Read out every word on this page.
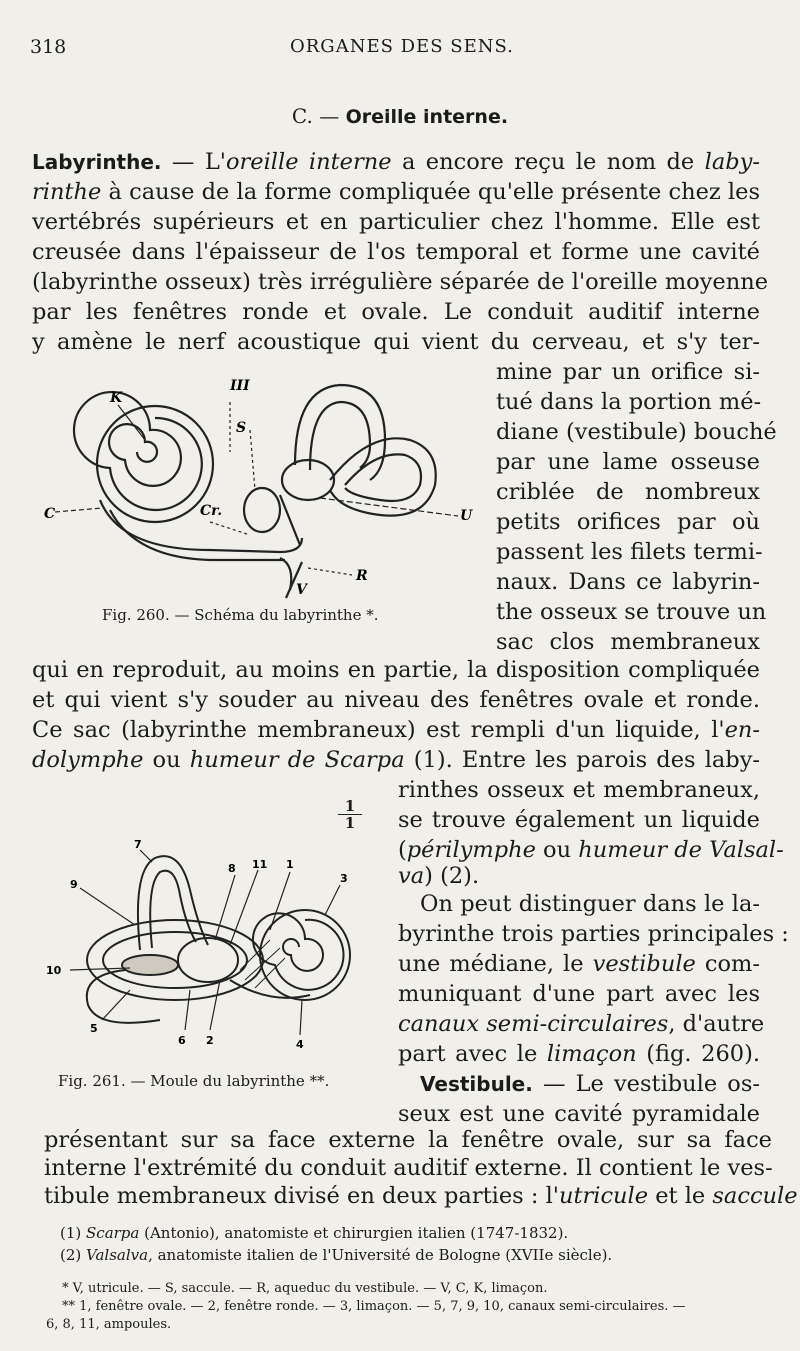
318	ORGANES DES SENS.
C. — Oreille interne.
Labyrinthe. — L'oreille interne a encore reçu le nom de laby-
rinthe à cause de la forme compliquée qu'elle présente chez les
vertébrés supérieurs et en particulier chez l'homme. Elle est
creusée dans l'épaisseur de l'os temporal et forme une cavité
(labyrinthe osseux) très irrégulière séparée de l'oreille moyenne
par les fenêtres ronde et ovale. Le conduit auditif interne
y amène le nerf acoustique qui vient du cerveau, et s'y ter-
mine par un orifice si-
tué dans la portion mé-
diane (vestibule) bouché
par une lame osseuse
criblée de nombreux
petits orifices par où
passent les filets termi-
naux. Dans ce labyrin-
the osseux se trouve un
sac clos membraneux
III
K
S
C	Cr.	U
R
V
Fig. 260. — Schéma du labyrinthe *.
qui en reproduit, au moins en partie, la disposition compliquée
et qui vient s'y souder au niveau des fenêtres ovale et ronde.
Ce sac (labyrinthe membraneux) est rempli d'un liquide, l'en-
dolymphe ou humeur de Scarpa (1). Entre les parois des laby-
rinthes osseux et membraneux,
se trouve également un liquide
(périlymphe ou humeur de Valsal-
va) (2).
On peut distinguer dans le la-
byrinthe trois parties principales :
une médiane, le vestibule com-
muniquant d'une part avec les
canaux semi-circulaires, d'autre
part avec le limaçon (fig. 260).
Vestibule. — Le vestibule os-
seux est une cavité pyramidale
$\frac{1}{1}$
7
9
8 11 1
3
10
5
6 2	4
Fig. 261. — Moule du labyrinthe **.
présentant sur sa face externe la fenêtre ovale, sur sa face
interne l'extrémité du conduit auditif externe. Il contient le ves-
tibule membraneux divisé en deux parties : l'utricule et le saccule
(1) Scarpa (Antonio), anatomiste et chirurgien italien (1747-1832).
(2) Valsalva, anatomiste italien de l'Université de Bologne (XVIIe siècle).
* V, utricule. — S, saccule. — R, aqueduc du vestibule. — V, C, K, limaçon.
** 1, fenêtre ovale. — 2, fenêtre ronde. — 3, limaçon. — 5, 7, 9, 10, canaux semi-circulaires. —
6, 8, 11, ampoules.
